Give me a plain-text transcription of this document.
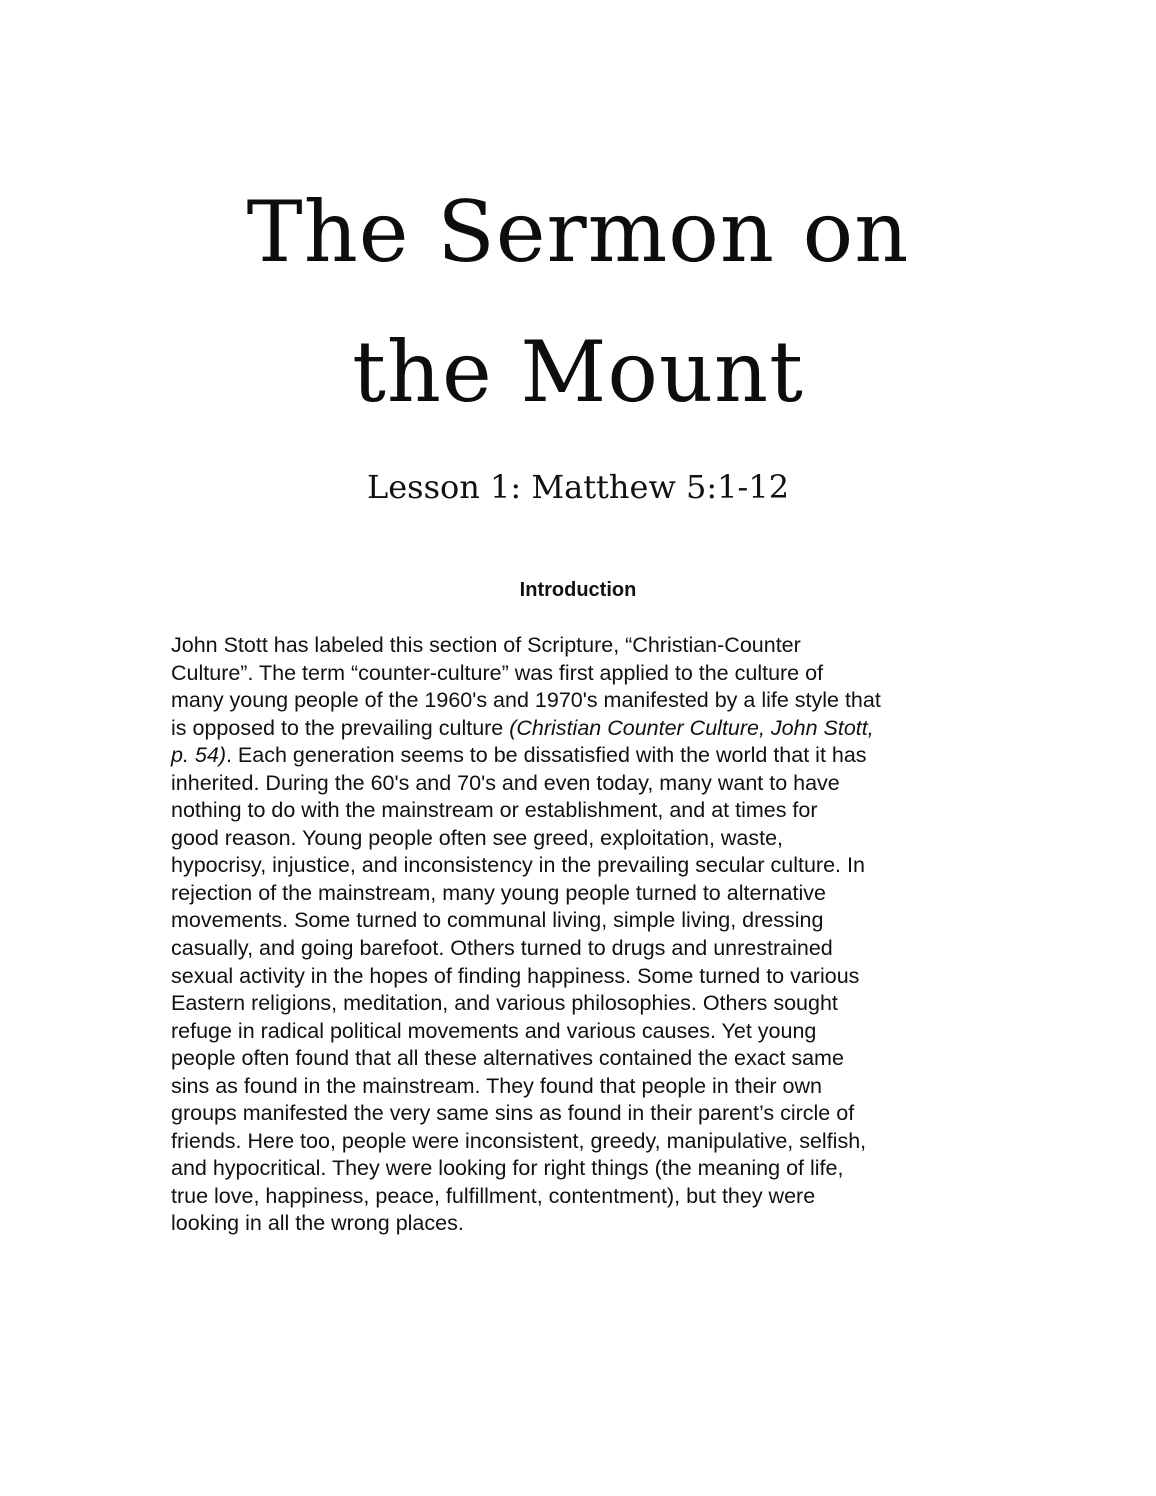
The Sermon on
the Mount
Lesson 1: Matthew 5:1-12
Introduction
John Stott has labeled this section of Scripture, “Christian-Counter
Culture”. The term “counter-culture” was first applied to the culture of
many young people of the 1960's and 1970's manifested by a life style that
is opposed to the prevailing culture (Christian Counter Culture, John Stott,
p. 54). Each generation seems to be dissatisfied with the world that it has
inherited. During the 60's and 70's and even today, many want to have
nothing to do with the mainstream or establishment, and at times for
good reason. Young people often see greed, exploitation, waste,
hypocrisy, injustice, and inconsistency in the prevailing secular culture. In
rejection of the mainstream, many young people turned to alternative
movements. Some turned to communal living, simple living, dressing
casually, and going barefoot. Others turned to drugs and unrestrained
sexual activity in the hopes of finding happiness. Some turned to various
Eastern religions, meditation, and various philosophies. Others sought
refuge in radical political movements and various causes. Yet young
people often found that all these alternatives contained the exact same
sins as found in the mainstream. They found that people in their own
groups manifested the very same sins as found in their parent’s circle of
friends. Here too, people were inconsistent, greedy, manipulative, selfish,
and hypocritical. They were looking for right things (the meaning of life,
true love, happiness, peace, fulfillment, contentment), but they were
looking in all the wrong places.
